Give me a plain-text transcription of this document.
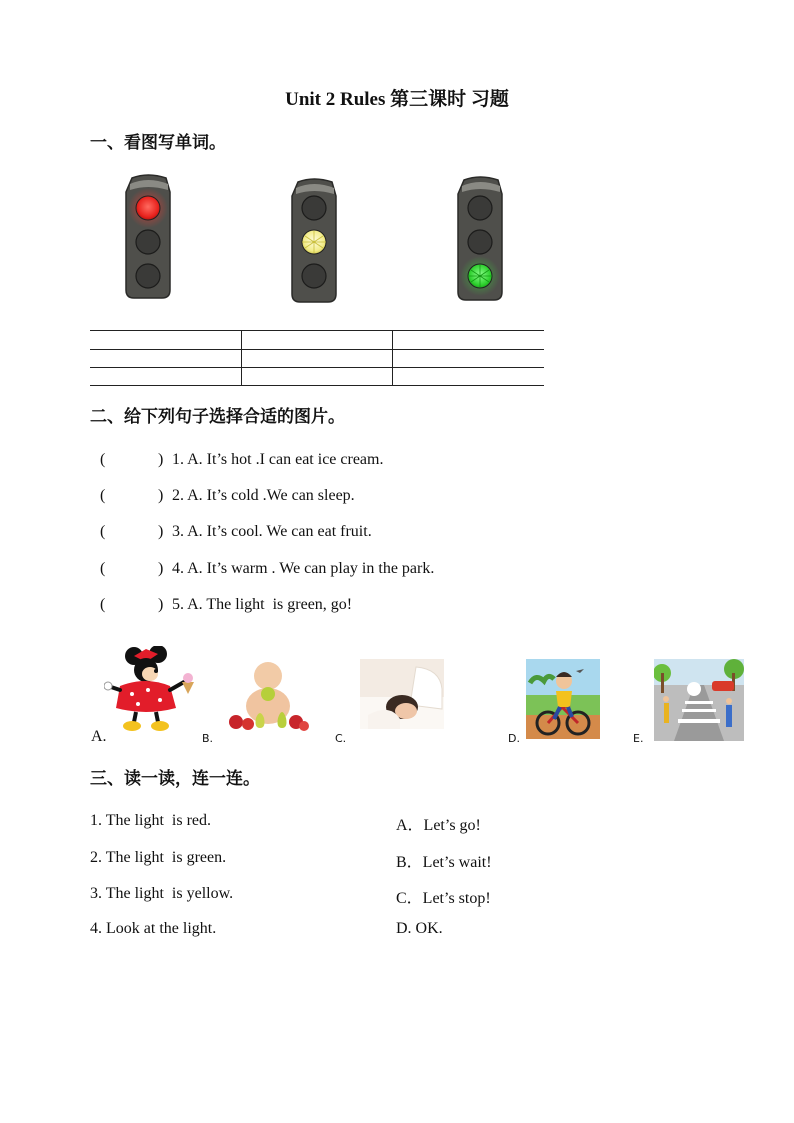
Unit 2 Rules 第三课时 习题
一、看图写单词。
二、给下列句子选择合适的图片。
(	) 1. A. It’s hot .I can eat ice cream.
(	) 2. A. It’s cold .We can sleep.
(	) 3. A. It’s cool. We can eat fruit.
(	) 4. A. It’s warm . We can play in the park.
(	) 5. A. The light  is green, go!
A.	B.	C.	D.	E.
三、读一读，连一连。
1. The light  is red.
2. The light  is green.
3. The light  is yellow.
4. Look at the light.
A．Let’s go!
B．Let’s wait!
C．Let’s stop!
D. OK.
